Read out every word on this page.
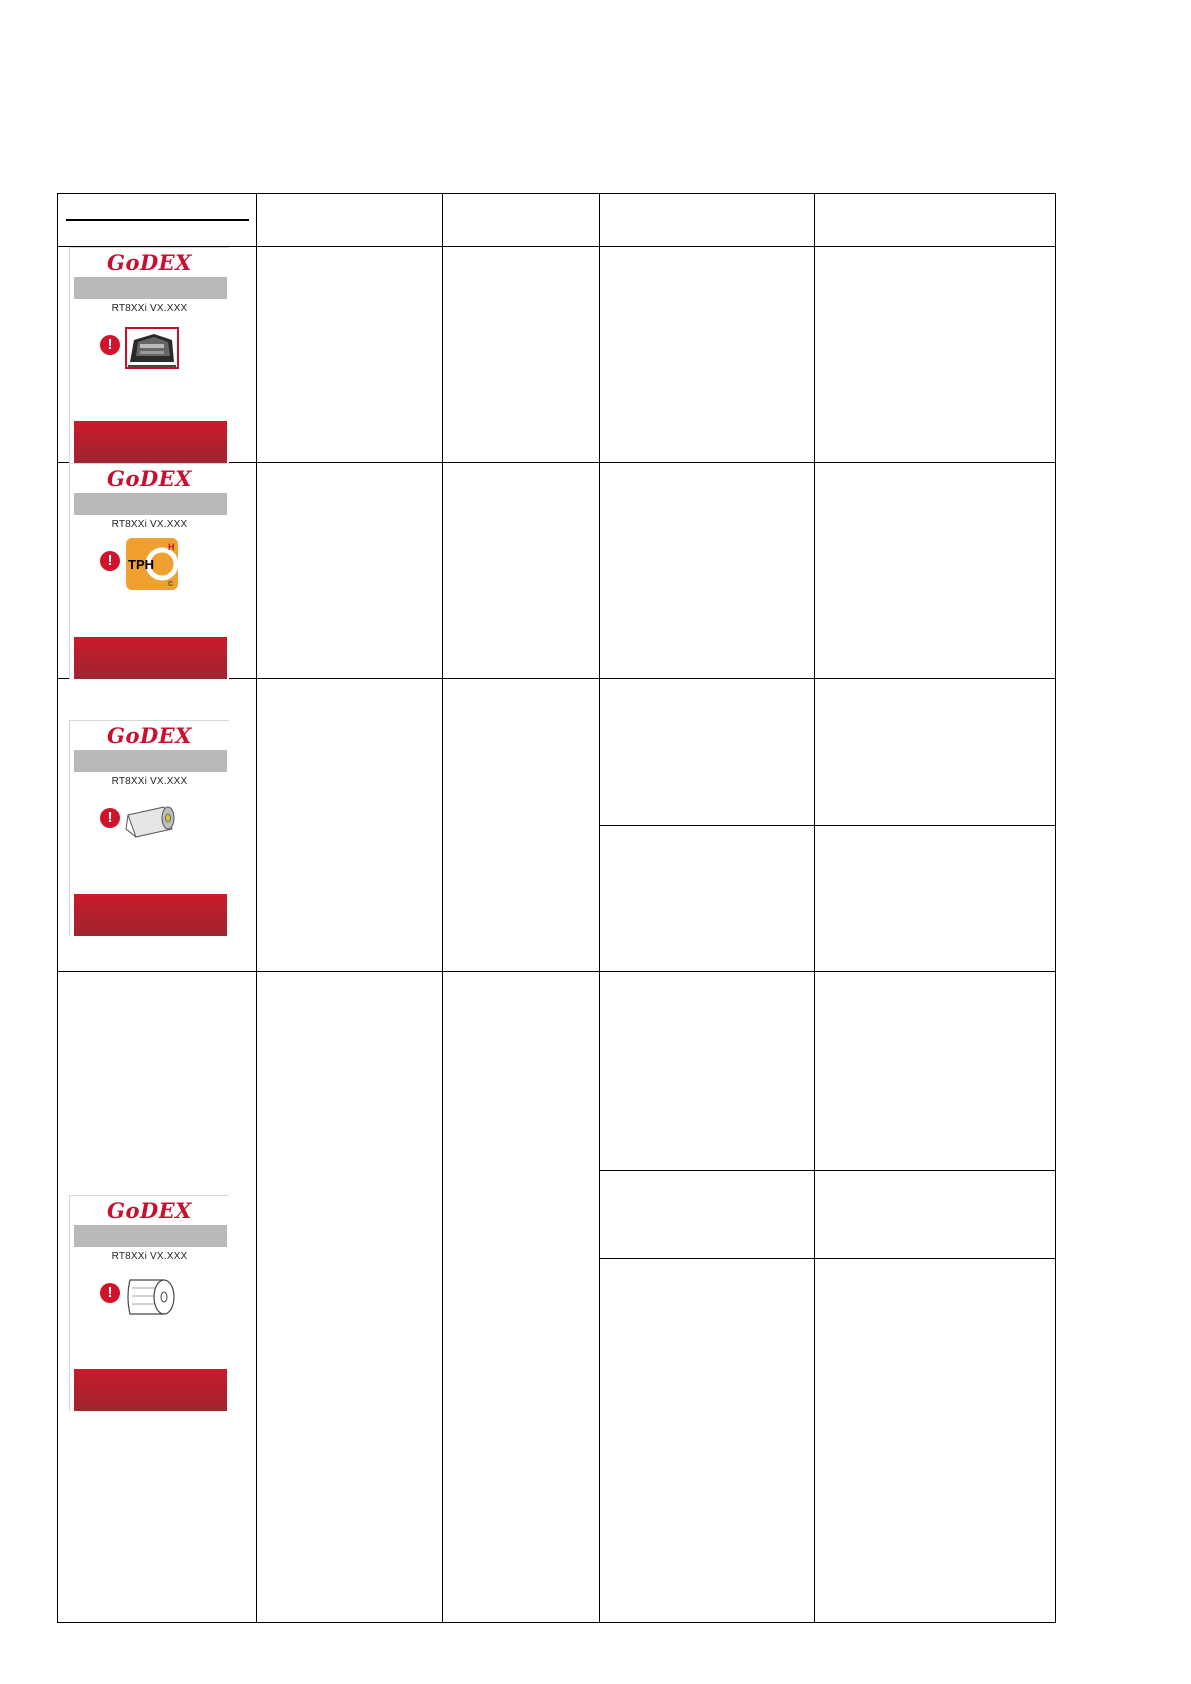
GoDEX
RT8XXi VX.XXX
!
GoDEX
RT8XXi VX.XXX
!	TPH
H
c
GoDEX
RT8XXi VX.XXX
!
GoDEX
RT8XXi VX.XXX
!
